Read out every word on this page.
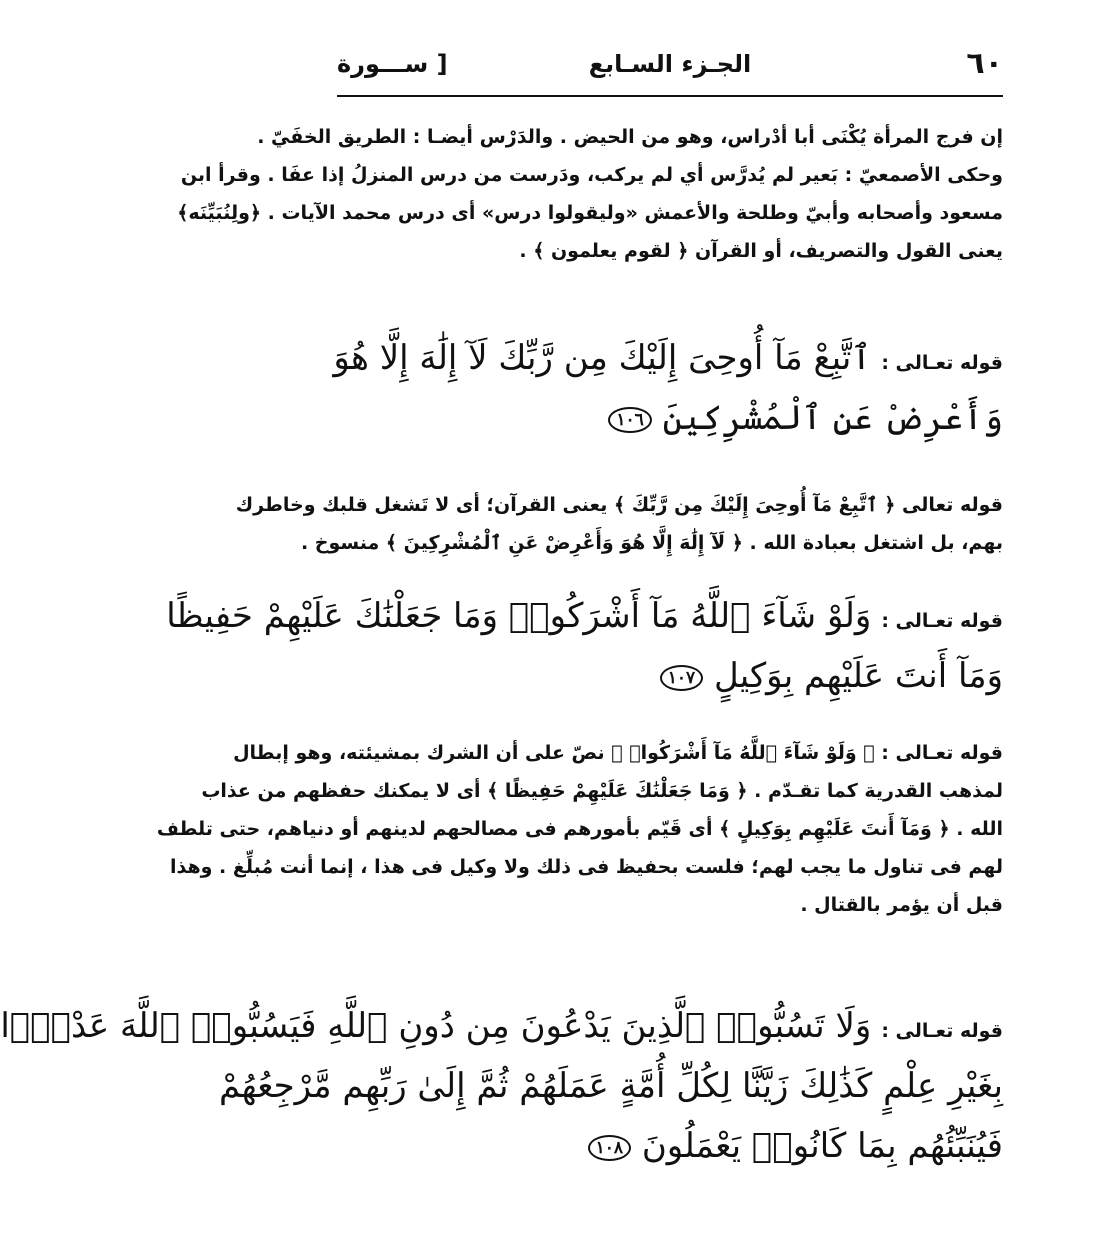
٦٠
الجـزء السـابع
[ ســـورة
إن فرج المرأة يُكْنَى أبا أدْراس، وهو من الحيض . والدَرْس أيضـا : الطريق الخفَيّ .
وحكى الأصمعيّ : بَعير لم يُدرَّس أي لم يركب، ودَرست من درس المنزلُ إذا عفَا . وقرأ ابن
مسعود وأصحابه وأبيّ وطلحة والأعمش «وليقولوا درس» أى درس محمد الآيات . ﴿ولِنُبَيِّنَه﴾
يعنى القول والتصريف، أو القرآن ﴿ لقوم يعلمون ﴾ .
قوله تعـالى :ٱتَّبِعْ مَآ أُوحِىَ إِلَيْكَ مِن رَّبِّكَ لَآ إِلَٰهَ إِلَّا هُوَ
وَأَعْرِضْ عَنِ ٱلْمُشْرِكِينَ ١٠٦
قوله تعالى ﴿ ٱتَّبِعْ مَآ أُوحِىَ إِلَيْكَ مِن رَّبِّكَ ﴾ يعنى القرآن؛ أى لا تَشغل قلبك وخاطرك
بهم، بل اشتغل بعبادة الله . ﴿ لَآ إِلَٰهَ إِلَّا هُوَ وَأَعْرِضْ عَنِ ٱلْمُشْرِكِينَ ﴾ منسوخ .
قوله تعـالى :وَلَوْ شَآءَ ٱللَّهُ مَآ أَشْرَكُوا۟ وَمَا جَعَلْنَٰكَ عَلَيْهِمْ حَفِيظًا
وَمَآ أَنتَ عَلَيْهِم بِوَكِيلٍ ١٠٧
قوله تعـالى : ﴿ وَلَوْ شَآءَ ٱللَّهُ مَآ أَشْرَكُوا۟ ﴾ نصّ على أن الشرك بمشيئته، وهو إبطال
لمذهب القدرية كما تقـدّم . ﴿ وَمَا جَعَلْنَٰكَ عَلَيْهِمْ حَفِيظًا ﴾ أى لا يمكنك حفظهم من عذاب
الله . ﴿ وَمَآ أَنتَ عَلَيْهِم بِوَكِيلٍ ﴾ أى قَيّم بأمورهم فى مصالحهم لدينهم أو دنياهم، حتى تلطف
لهم فى تناول ما يجب لهم؛ فلست بحفيظ فى ذلك ولا وكيل فى هذا ، إنما أنت مُبلِّغ . وهذا
قبل أن يؤمر بالقتال .
قوله تعـالى :وَلَا تَسُبُّوا۟ ٱلَّذِينَ يَدْعُونَ مِن دُونِ ٱللَّهِ فَيَسُبُّوا۟ ٱللَّهَ عَدْوًۢا
بِغَيْرِ عِلْمٍ كَذَٰلِكَ زَيَّنَّا لِكُلِّ أُمَّةٍ عَمَلَهُمْ ثُمَّ إِلَىٰ رَبِّهِم مَّرْجِعُهُمْ
فَيُنَبِّئُهُم بِمَا كَانُوا۟ يَعْمَلُونَ ١٠٨
